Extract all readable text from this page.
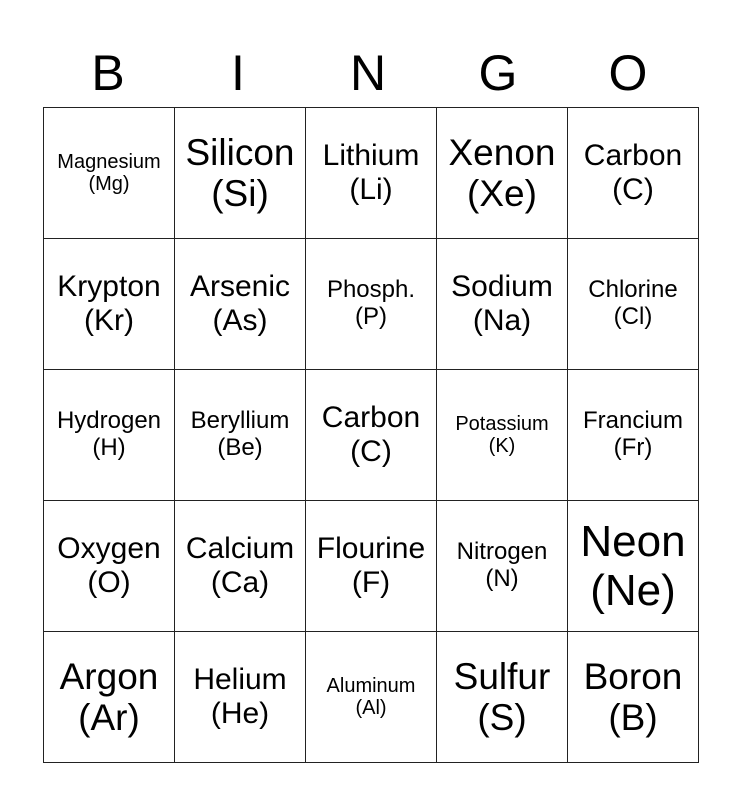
B	I	N	G	O
Magnesium
(Mg)	Silicon
(Si)	Lithium
(Li)	Xenon
(Xe)	Carbon
(C)

Krypton
(Kr)	Arsenic
(As)	Phosph.
(P)	Sodium
(Na)	Chlorine
(Cl)

Hydrogen
(H)	Beryllium
(Be)	Carbon
(C)	Potassium
(K)	Francium
(Fr)

Oxygen
(O)	Calcium
(Ca)	Flourine
(F)	Nitrogen
(N)	Neon
(Ne)

Argon
(Ar)	Helium
(He)	Aluminum
(Al)	Sulfur
(S)	Boron
(B)
